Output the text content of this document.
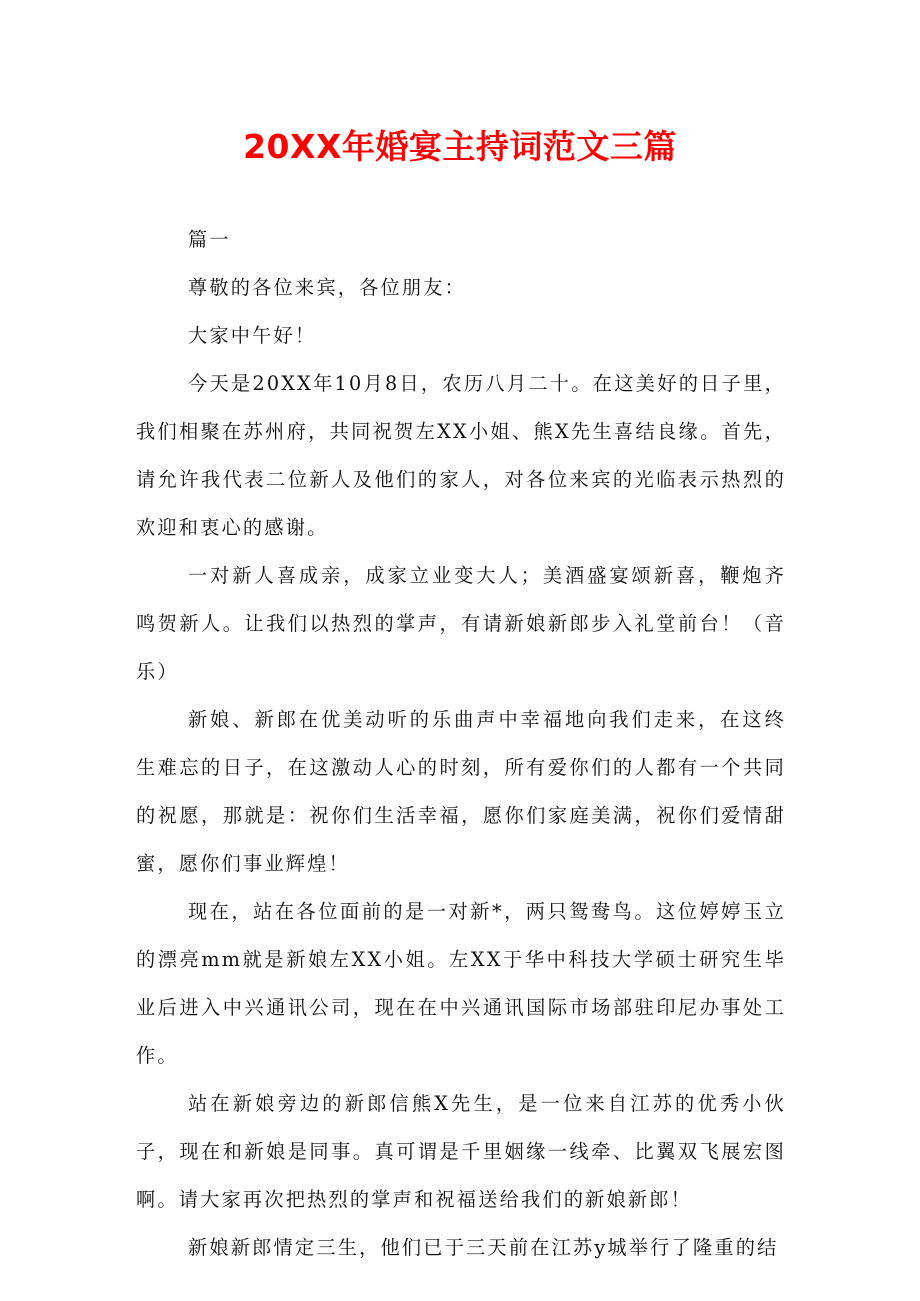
20XX年婚宴主持词范文三篇

篇一

尊敬的各位来宾，各位朋友：

大家中午好！

今天是20XX年10月8日，农历八月二十。在这美好的日子里，我们相聚在苏州府，共同祝贺左XX小姐、熊X先生喜结良缘。首先，请允许我代表二位新人及他们的家人，对各位来宾的光临表示热烈的欢迎和衷心的感谢。

一对新人喜成亲，成家立业变大人；美酒盛宴颂新喜，鞭炮齐鸣贺新人。让我们以热烈的掌声，有请新娘新郎步入礼堂前台！（音乐）

新娘、新郎在优美动听的乐曲声中幸福地向我们走来，在这终生难忘的日子，在这激动人心的时刻，所有爱你们的人都有一个共同的祝愿，那就是：祝你们生活幸福，愿你们家庭美满，祝你们爱情甜蜜，愿你们事业辉煌！

现在，站在各位面前的是一对新*，两只鸳鸯鸟。这位婷婷玉立的漂亮mm就是新娘左XX小姐。左XX于华中科技大学硕士研究生毕业后进入中兴通讯公司，现在在中兴通讯国际市场部驻印尼办事处工作。

站在新娘旁边的新郎信熊X先生，是一位来自江苏的优秀小伙子，现在和新娘是同事。真可谓是千里姻缘一线牵、比翼双飞展宏图啊。请大家再次把热烈的掌声和祝福送给我们的新娘新郎！

新娘新郎情定三生，他们已于三天前在江苏y城举行了隆重的结
